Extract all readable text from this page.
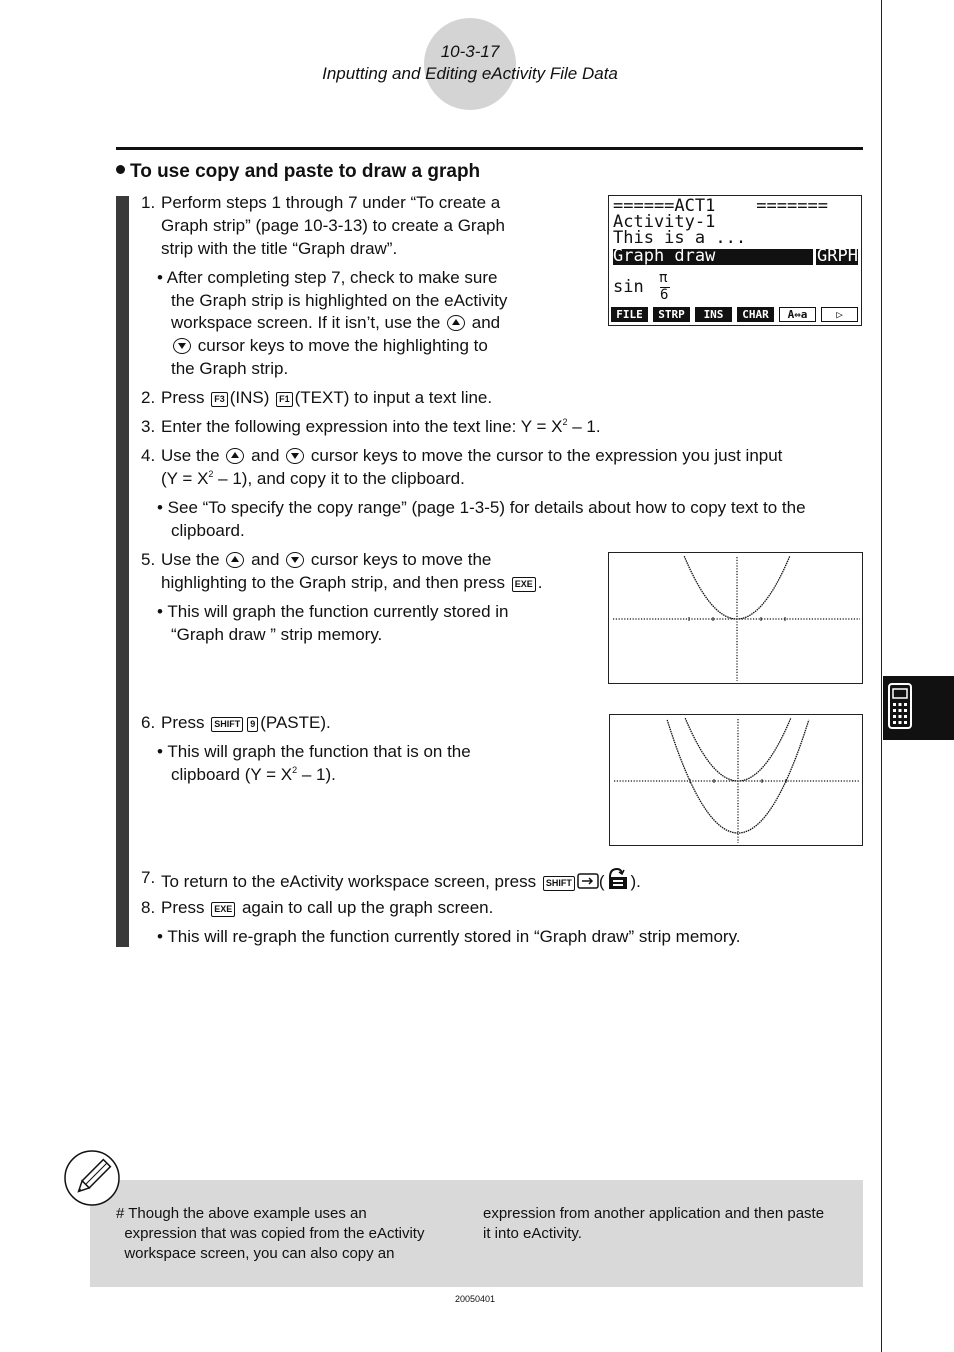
10-3-17
Inputting and Editing eActivity File Data
To use copy and paste to draw a graph
1. Perform steps 1 through 7 under “To create a
Graph strip” (page 10-3-13) to create a Graph
strip with the title “Graph draw”.
• After completing step 7, check to make sure
the Graph strip is highlighted on the eActivity
workspace screen. If it isn’t, use the and
cursor keys to move the highlighting to
the Graph strip.
======ACT1    =======
Activity-1
This is a ...
Graph draw	GRPH
sin π
6
FILE	STRP	INS	CHAR	A⇔a	▷
2. Press F3 (INS) F1 (TEXT) to input a text line.
3. Enter the following expression into the text line: $Y = X^2 - 1$.
4. Use the and cursor keys to move the cursor to the expression you just input
$(Y = X^2 - 1)$, and copy it to the clipboard.
• See “To specify the copy range” (page 1-3-5) for details about how to copy text to the
clipboard.
5. Use the and cursor keys to move the
highlighting to the Graph strip, and then press EXE .
• This will graph the function currently stored in
“Graph draw ” strip memory.
6. Press SHIFT 9 (PASTE).
• This will graph the function that is on the
clipboard $(Y = X^2 - 1)$.
7. To return to the eActivity workspace screen, press SHIFT ( ).
8. Press EXE again to call up the graph screen.
• This will re-graph the function currently stored in “Graph draw” strip memory.
# Though the above example uses an
expression that was copied from the eActivity
workspace screen, you can also copy an
expression from another application and then paste
it into eActivity.
20050401
